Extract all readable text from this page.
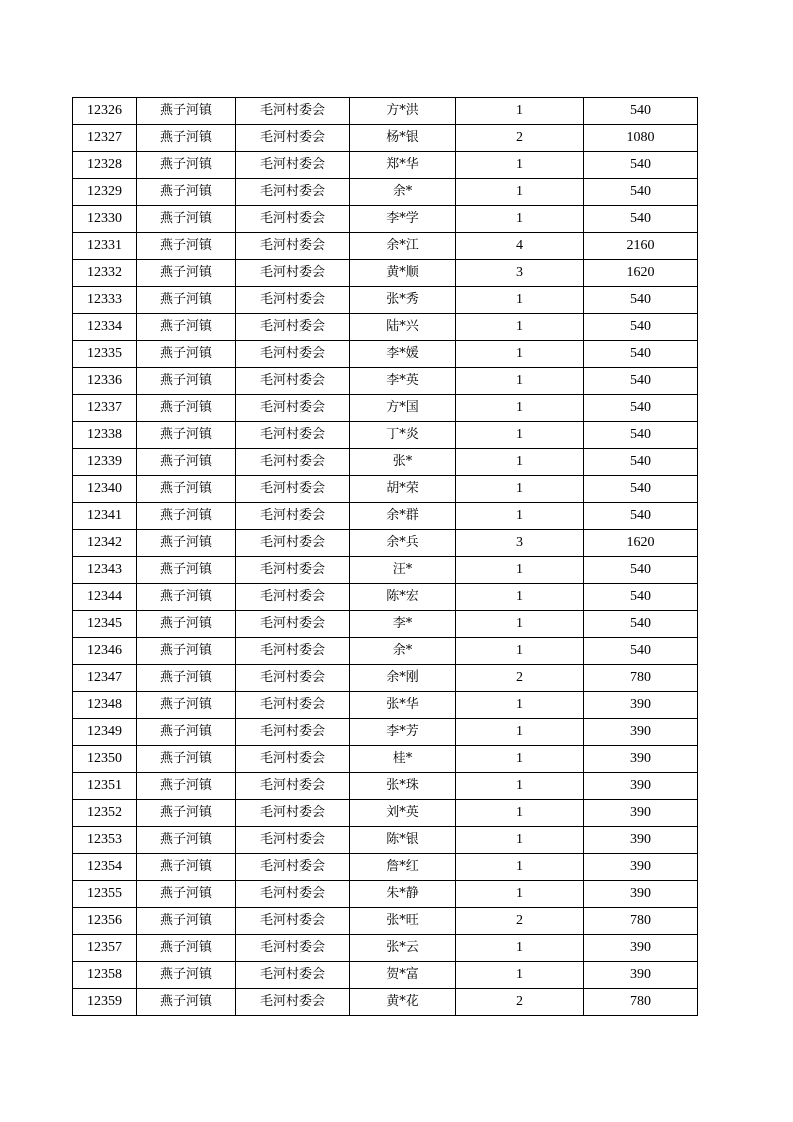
12326	燕子河镇	毛河村委会	方*洪	1	540
12327	燕子河镇	毛河村委会	杨*银	2	1080
12328	燕子河镇	毛河村委会	郑*华	1	540
12329	燕子河镇	毛河村委会	余*	1	540
12330	燕子河镇	毛河村委会	李*学	1	540
12331	燕子河镇	毛河村委会	余*江	4	2160
12332	燕子河镇	毛河村委会	黄*顺	3	1620
12333	燕子河镇	毛河村委会	张*秀	1	540
12334	燕子河镇	毛河村委会	陆*兴	1	540
12335	燕子河镇	毛河村委会	李*媛	1	540
12336	燕子河镇	毛河村委会	李*英	1	540
12337	燕子河镇	毛河村委会	方*国	1	540
12338	燕子河镇	毛河村委会	丁*炎	1	540
12339	燕子河镇	毛河村委会	张*	1	540
12340	燕子河镇	毛河村委会	胡*荣	1	540
12341	燕子河镇	毛河村委会	余*群	1	540
12342	燕子河镇	毛河村委会	余*兵	3	1620
12343	燕子河镇	毛河村委会	汪*	1	540
12344	燕子河镇	毛河村委会	陈*宏	1	540
12345	燕子河镇	毛河村委会	李*	1	540
12346	燕子河镇	毛河村委会	余*	1	540
12347	燕子河镇	毛河村委会	余*刚	2	780
12348	燕子河镇	毛河村委会	张*华	1	390
12349	燕子河镇	毛河村委会	李*芳	1	390
12350	燕子河镇	毛河村委会	桂*	1	390
12351	燕子河镇	毛河村委会	张*珠	1	390
12352	燕子河镇	毛河村委会	刘*英	1	390
12353	燕子河镇	毛河村委会	陈*银	1	390
12354	燕子河镇	毛河村委会	詹*红	1	390
12355	燕子河镇	毛河村委会	朱*静	1	390
12356	燕子河镇	毛河村委会	张*旺	2	780
12357	燕子河镇	毛河村委会	张*云	1	390
12358	燕子河镇	毛河村委会	贺*富	1	390
12359	燕子河镇	毛河村委会	黄*花	2	780
